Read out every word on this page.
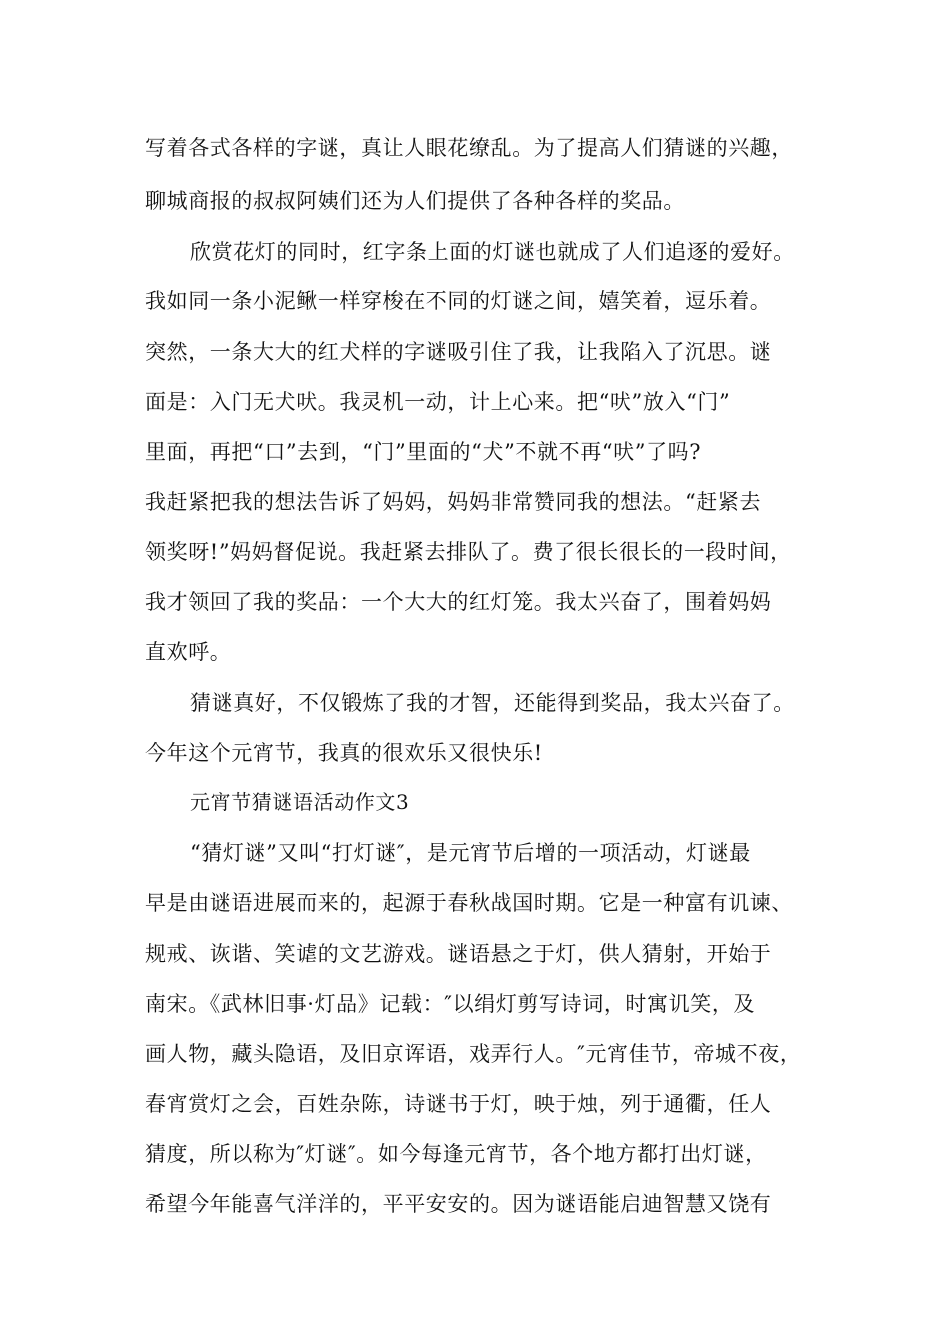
写着各式各样的字谜，真让人眼花缭乱。为了提高人们猜谜的兴趣，
聊城商报的叔叔阿姨们还为人们提供了各种各样的奖品。
欣赏花灯的同时，红字条上面的灯谜也就成了人们追逐的爱好。
我如同一条小泥鳅一样穿梭在不同的灯谜之间，嬉笑着，逗乐着。
突然，一条大大的红犬样的字谜吸引住了我，让我陷入了沉思。谜
面是：入门无犬吠。我灵机一动，计上心来。把“吠”放入“门”
里面，再把“口”去到，“门”里面的“犬”不就不再“吠”了吗?
我赶紧把我的想法告诉了妈妈，妈妈非常赞同我的想法。“赶紧去
领奖呀!”妈妈督促说。我赶紧去排队了。费了很长很长的一段时间，
我才领回了我的奖品：一个大大的红灯笼。我太兴奋了，围着妈妈
直欢呼。
猜谜真好，不仅锻炼了我的才智，还能得到奖品，我太兴奋了。
今年这个元宵节，我真的很欢乐又很快乐!
元宵节猜谜语活动作文3
“猜灯谜”又叫“打灯谜″，是元宵节后增的一项活动，灯谜最
早是由谜语进展而来的，起源于春秋战国时期。它是一种富有讥谏、
规戒、诙谐、笑谑的文艺游戏。谜语悬之于灯，供人猜射，开始于
南宋。《武林旧事·灯品》记载：″以绢灯剪写诗词，时寓讥笑，及
画人物，藏头隐语，及旧京诨语，戏弄行人。″元宵佳节，帝城不夜，
春宵赏灯之会，百姓杂陈，诗谜书于灯，映于烛，列于通衢，任人
猜度，所以称为″灯谜″。如今每逢元宵节，各个地方都打出灯谜，
希望今年能喜气洋洋的，平平安安的。因为谜语能启迪智慧又饶有
